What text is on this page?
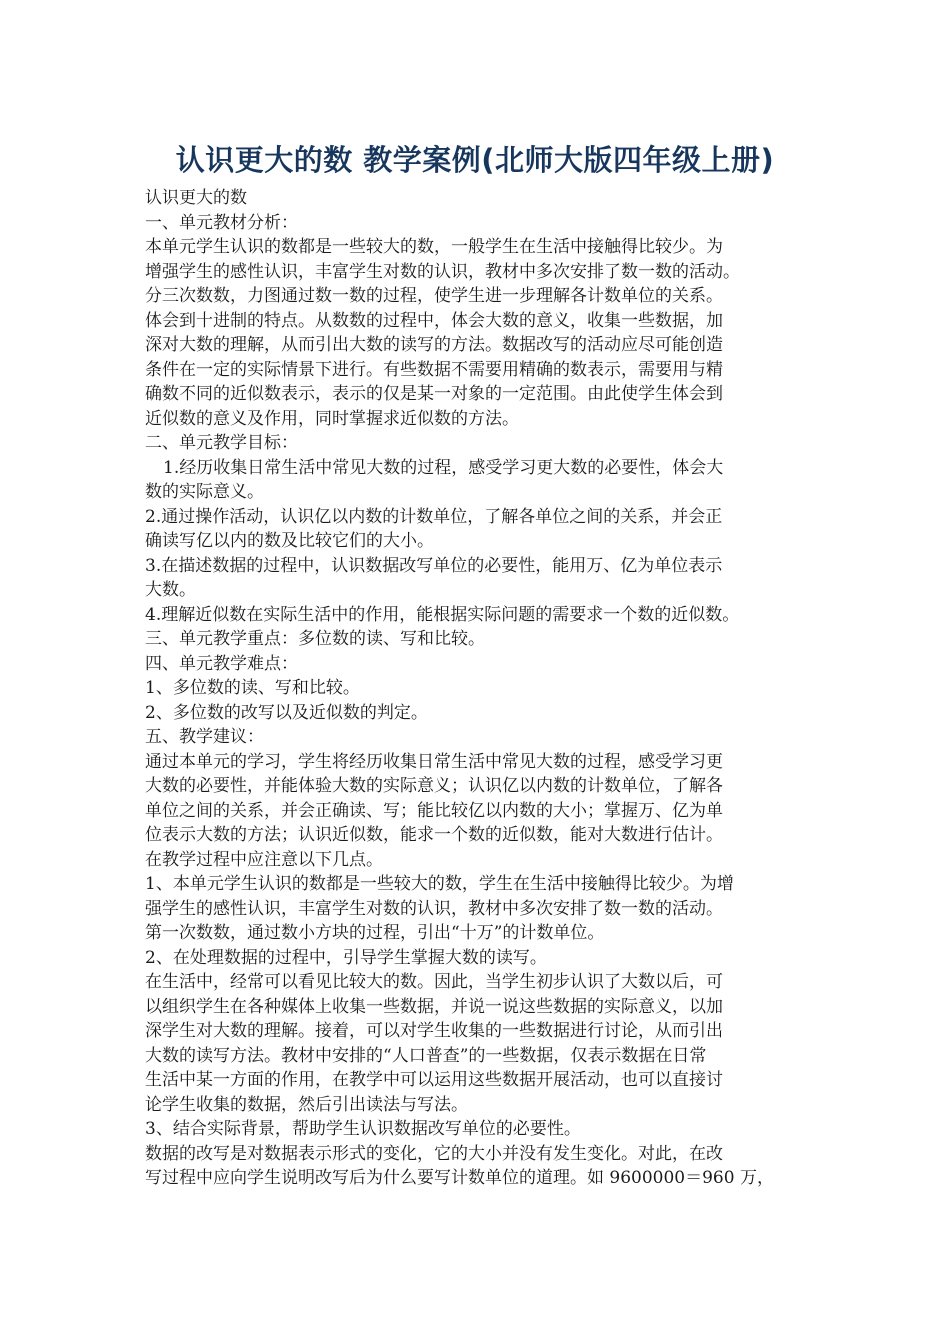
认识更大的数 教学案例(北师大版四年级上册)
认识更大的数
一、单元教材分析：
本单元学生认识的数都是一些较大的数，一般学生在生活中接触得比较少。为
增强学生的感性认识，丰富学生对数的认识，教材中多次安排了数一数的活动。
分三次数数，力图通过数一数的过程，使学生进一步理解各计数单位的关系。
体会到十进制的特点。从数数的过程中，体会大数的意义，收集一些数据，加
深对大数的理解，从而引出大数的读写的方法。数据改写的活动应尽可能创造
条件在一定的实际情景下进行。有些数据不需要用精确的数表示，需要用与精
确数不同的近似数表示，表示的仅是某一对象的一定范围。由此使学生体会到
近似数的意义及作用，同时掌握求近似数的方法。
二、单元教学目标：
1.经历收集日常生活中常见大数的过程，感受学习更大数的必要性，体会大
数的实际意义。
2.通过操作活动，认识亿以内数的计数单位，了解各单位之间的关系，并会正
确读写亿以内的数及比较它们的大小。
3.在描述数据的过程中，认识数据改写单位的必要性，能用万、亿为单位表示
大数。
4.理解近似数在实际生活中的作用，能根据实际问题的需要求一个数的近似数。
三、单元教学重点：多位数的读、写和比较。
四、单元教学难点：
1、多位数的读、写和比较。
2、多位数的改写以及近似数的判定。
五、教学建议：
通过本单元的学习，学生将经历收集日常生活中常见大数的过程，感受学习更
大数的必要性，并能体验大数的实际意义；认识亿以内数的计数单位，了解各
单位之间的关系，并会正确读、写；能比较亿以内数的大小；掌握万、亿为单
位表示大数的方法；认识近似数，能求一个数的近似数，能对大数进行估计。
在教学过程中应注意以下几点。
1、本单元学生认识的数都是一些较大的数，学生在生活中接触得比较少。为增
强学生的感性认识，丰富学生对数的认识，教材中多次安排了数一数的活动。
第一次数数，通过数小方块的过程，引出“十万”的计数单位。
2、在处理数据的过程中，引导学生掌握大数的读写。
在生活中，经常可以看见比较大的数。因此，当学生初步认识了大数以后，可
以组织学生在各种媒体上收集一些数据，并说一说这些数据的实际意义，以加
深学生对大数的理解。接着，可以对学生收集的一些数据进行讨论，从而引出
大数的读写方法。教材中安排的“人口普查”的一些数据，仅表示数据在日常
生活中某一方面的作用，在教学中可以运用这些数据开展活动，也可以直接讨
论学生收集的数据，然后引出读法与写法。
3、结合实际背景，帮助学生认识数据改写单位的必要性。
数据的改写是对数据表示形式的变化，它的大小并没有发生变化。对此，在改
写过程中应向学生说明改写后为什么要写计数单位的道理。如 9600000＝960 万，
